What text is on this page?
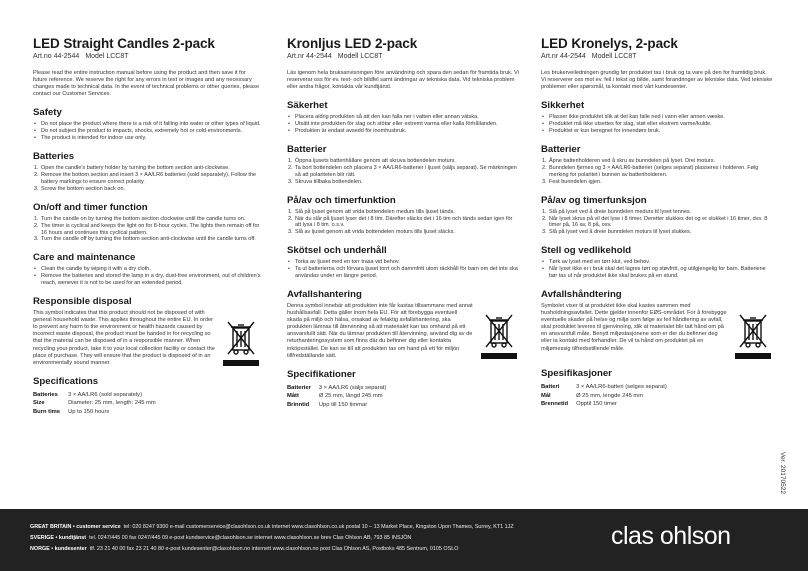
LED Straight Candles 2-pack
Art.no 44-2544 Model LCC8T

Please read the entire instruction manual before using the product and then save it for future reference. We reserve the right for any errors in text or images and any necessary changes made to technical data. In the event of technical problems or other queries, please contact our Customer Services.

Safety
• Do not place the product where there is a risk of it falling into water or other types of liquid.
• Do not subject the product to impacts, shocks, extremely hot or cold environments.
• The product is intended for indoor use only.
Batteries
1. Open the candle's battery holder by turning the bottom section anti-clockwise.
2. Remove the bottom section and insert 3 × AA/LR6 batteries (sold separately). Follow the battery markings to ensure correct polarity.
3. Screw the bottom section back on.
On/off and timer function
1. Turn the candle on by turning the bottom section clockwise until the candle turns on.
2. The timer is cyclical and keeps the light on for 8-hour cycles. The lights then remain off for 16 hours and continues this cyclical pattern.
3. Turn the candle off by turning the bottom section anti-clockwise until the candle turns off.
Care and maintenance
• Clean the candle by wiping it with a dry cloth.
• Remove the batteries and stored the lamp in a dry, dust-free environment, out of children's reach, wenever it is not to be used for an extended period.
Responsible disposal

This symbol indicates that this product should not be disposed of with general household waste. This applies throughout the entire EU. In order to prevent any harm to the environment or health hazards caused by incorrect waste disposal, the product must be handed in for recycling so that the material can be disposed of in a responsible manner. When recycling your product, take it to your local collection facility or contact the place of purchase. They will ensure that the product is disposed of in an environmentally sound manner.

Specifications
Batteries	3 × AA/LR6 (sold separately)
Size	Diameter: 25 mm, length: 245 mm
Burn time	Up to 150 hours
Kronljus LED 2-pack
Art.nr 44-2544 Modell LCC8T

Läs igenom hela bruksanvisningen före användning och spara den sedan för framtida bruk. Vi reserverar oss för ev. text- och bildfel samt ändringar av tekniska data. Vid tekniska problem eller andra frågor, kontakta vår kundtjänst.

Säkerhet
• Placera aldrig produkten så att den kan falla ner i vatten eller annan vätska.
• Utsätt inte produkten för slag och stötar eller extremt varma eller kalla förhållanden.
• Produkten är endast avsedd för inomhusbruk.
Batterier
1. Öppna ljusets batterihållare genom att skruva bottendelen moturs.
2. Ta bort bottendelen och placera 3 × AA/LR6-batterier i ljuset (säljs separat). Se märkningen så att polariteten blir rätt.
3. Skruva tillbaka bottendelen.
På/av och timerfunktion
1. Slå på ljuset genom att vrida bottendelen medurs tills ljuset tänds.
2. När du slår på ljuset lyser det i 8 tim. Därefter släcks det i 16 tim och tänds sedan igen för att lysa i 8 tim. o.s.v.
3. Slå av ljuset genom att vrida bottendelen moturs tills ljuset släcks.
Skötsel och underhåll
• Torka av ljuset med en torr trasa vid behov.
• Ta ut batterierna och förvara ljuset torrt och dammfritt utom räckhåll för barn om det inte ska användas under en längre period.
Avfallshantering

Denna symbol innebär att produkten inte får kastas tillsammans med annat hushållsavfall. Detta gäller inom hela EU. För att förebygga eventuell skada på miljö och hälsa, orsakad av felaktig avfallshantering, ska produkten lämnas till återvinning så att materialet kan tas omhand på ett ansvarsfullt sätt. När du lämnar produkten till återvinning, använd dig av de returhanteringssystem som finns där du befinner dig eller kontakta inköpsstället. De kan se till att produkten tas om hand på ett för miljön tillfredställande sätt.

Specifikationer
Batterier	3 × AA/LR6 (säljs separat)
Mått	Ø 25 mm, längd 245 mm
Brinntid	Upp till 150 timmar
LED Kronelys, 2-pack
Art.nr 44-2544 Modell LCC8T

Les brukerveiledningen grundig før produktet tas i bruk og ta vare på den for framtidig bruk. Vi reserverer oss mot ev. feil i tekst og bilde, samt forandringer av tekniske data. Ved tekniske problemer eller spørsmål, ta kontakt med vårt kundesenter.

Sikkerhet
• Plasser ikke produktet slik at det kan falle ned i vann eller annen væske.
• Produktet må ikke utsettes for slag, støt eller ekstrem varme/kulde.
• Produktet er kun beregnet for innendørs bruk.
Batterier
1. Åpne batteriholderen ved å skru av bunndelen på lyset. Drei moturs.
2. Bunndelen fjernes og 3 × AA/LR6-batterier (selges separat) plasseres i holderen. Følg merking for polaritet i bunnen av batteriholderen.
3. Fest bunndelen igjen.
På/av og timerfunksjon
1. Slå på lyset ved å dreie bunndelen medurs til lyset tennes.
2. Når lyset skrus på vil det lyse i 8 timer. Deretter slukkes det og er slukket i 16 timer, dvs. 8 timer på, 16 av, 8 på, osv.
3. Slå på lyset ved å dreie bunndelen moturs til lyset slukkes.
Stell og vedlikehold
• Tørk av lyset med en tørr klut, ved behov.
• Når lyset ikke er i bruk skal det lagres tørt og støvfritt, og utilgjengelig for barn. Batteriene bør tas ut når produktet ikke skal brukes på en stund.
Avfallshåndtering

Symbolet viser til at produktet ikke skal kastes sammen med husholdningsavfallet. Dette gjelder innenfor EØS-området. For å forebygge eventuelle skader på helse og miljø som følge av feil håndtering av avfall, skal produktet leveres til gjenvinning, slik at materialet blir tatt hånd om på en ansvarsfull måte. Benytt miljøstasjonene som er der du befinner deg eller ta kontakt med forhandler. De vil ta hånd om produktet på en miljømessig tilfredsstillende måte.

Spesifikasjoner
Batteri	3 × AA/LR6-batteri (selges separat)
Mål	Ø 25 mm, lengde 245 mm
Brenneti‌d	Opptil 150 timer
Ver. 20170522
GREAT BRITAIN • customer service tel: 020 8247 9300 e-mail customerservice@clasohlson.co.uk internet www.clasohlson.co.uk postal 10 – 13 Market Place, Kingston Upon Thames, Surrey, KT1 1JZ
SVERIGE • kundtjänst tel. 0247/445 00 fax 0247/445 09 e-post kundservice@clasohlson.se internet www.clasohlson.se brev Clas Ohlson AB, 793 85 INSJÖN
NORGE • kundesenter tlf. 23 21 40 00 fax 23 21 40 80 e-post kundesenter@clasohlson.no internett www.clasohlson.no post Clas Ohlson AS, Postboks 485 Sentrum, 0105 OSLO	clas ohlson
